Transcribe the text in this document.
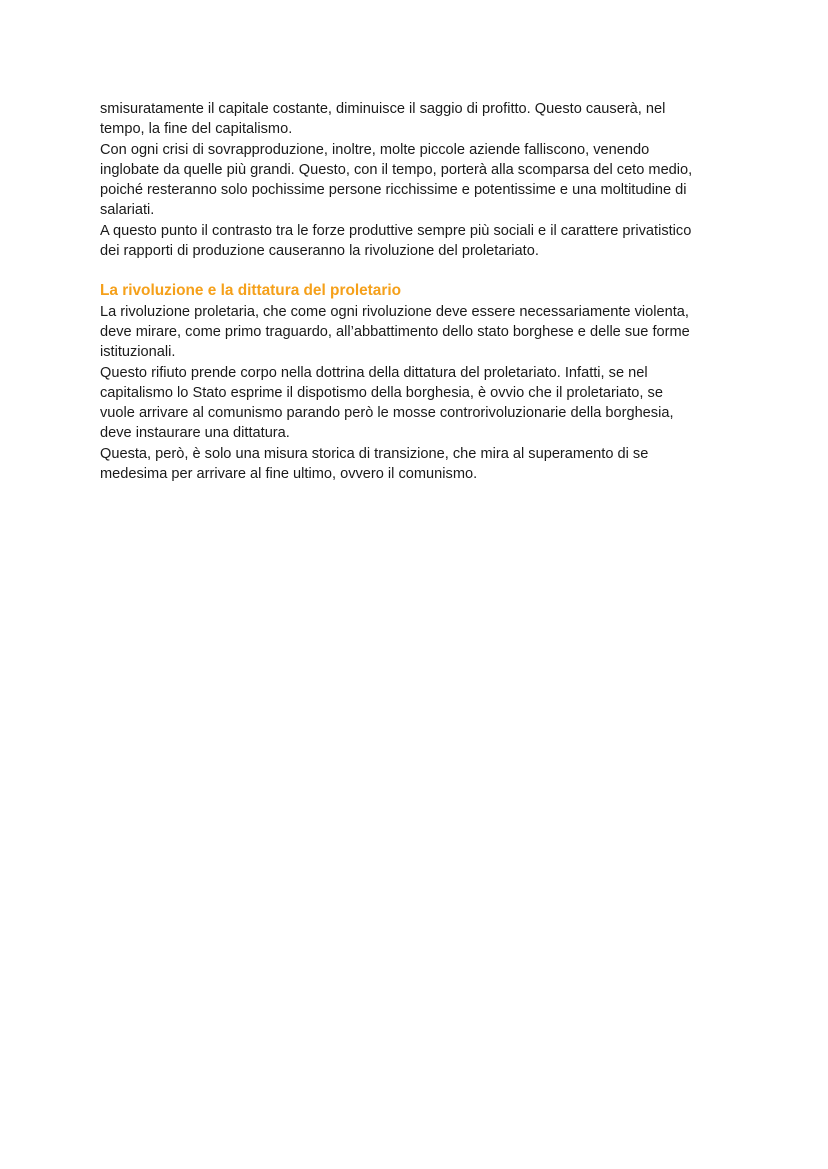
smisuratamente il capitale costante, diminuisce il saggio di profitto. Questo causerà, nel

tempo, la fine del capitalismo.

Con ogni crisi di sovrapproduzione, inoltre, molte piccole aziende falliscono, venendo

inglobate da quelle più grandi. Questo, con il tempo, porterà alla scomparsa del ceto medio,

poiché resteranno solo pochissime persone ricchissime e potentissime e una moltitudine di

salariati.

A questo punto il contrasto tra le forze produttive sempre più sociali e il carattere privatistico

dei rapporti di produzione causeranno la rivoluzione del proletariato.

La rivoluzione e la dittatura del proletario

La rivoluzione proletaria, che come ogni rivoluzione deve essere necessariamente violenta,

deve mirare, come primo traguardo, all’abbattimento dello stato borghese e delle sue forme

istituzionali.

Questo rifiuto prende corpo nella dottrina della dittatura del proletariato. Infatti, se nel

capitalismo lo Stato esprime il dispotismo della borghesia, è ovvio che il proletariato, se

vuole arrivare al comunismo parando però le mosse controrivoluzionarie della borghesia,

deve instaurare una dittatura.

Questa, però, è solo una misura storica di transizione, che mira al superamento di se

medesima per arrivare al fine ultimo, ovvero il comunismo.
